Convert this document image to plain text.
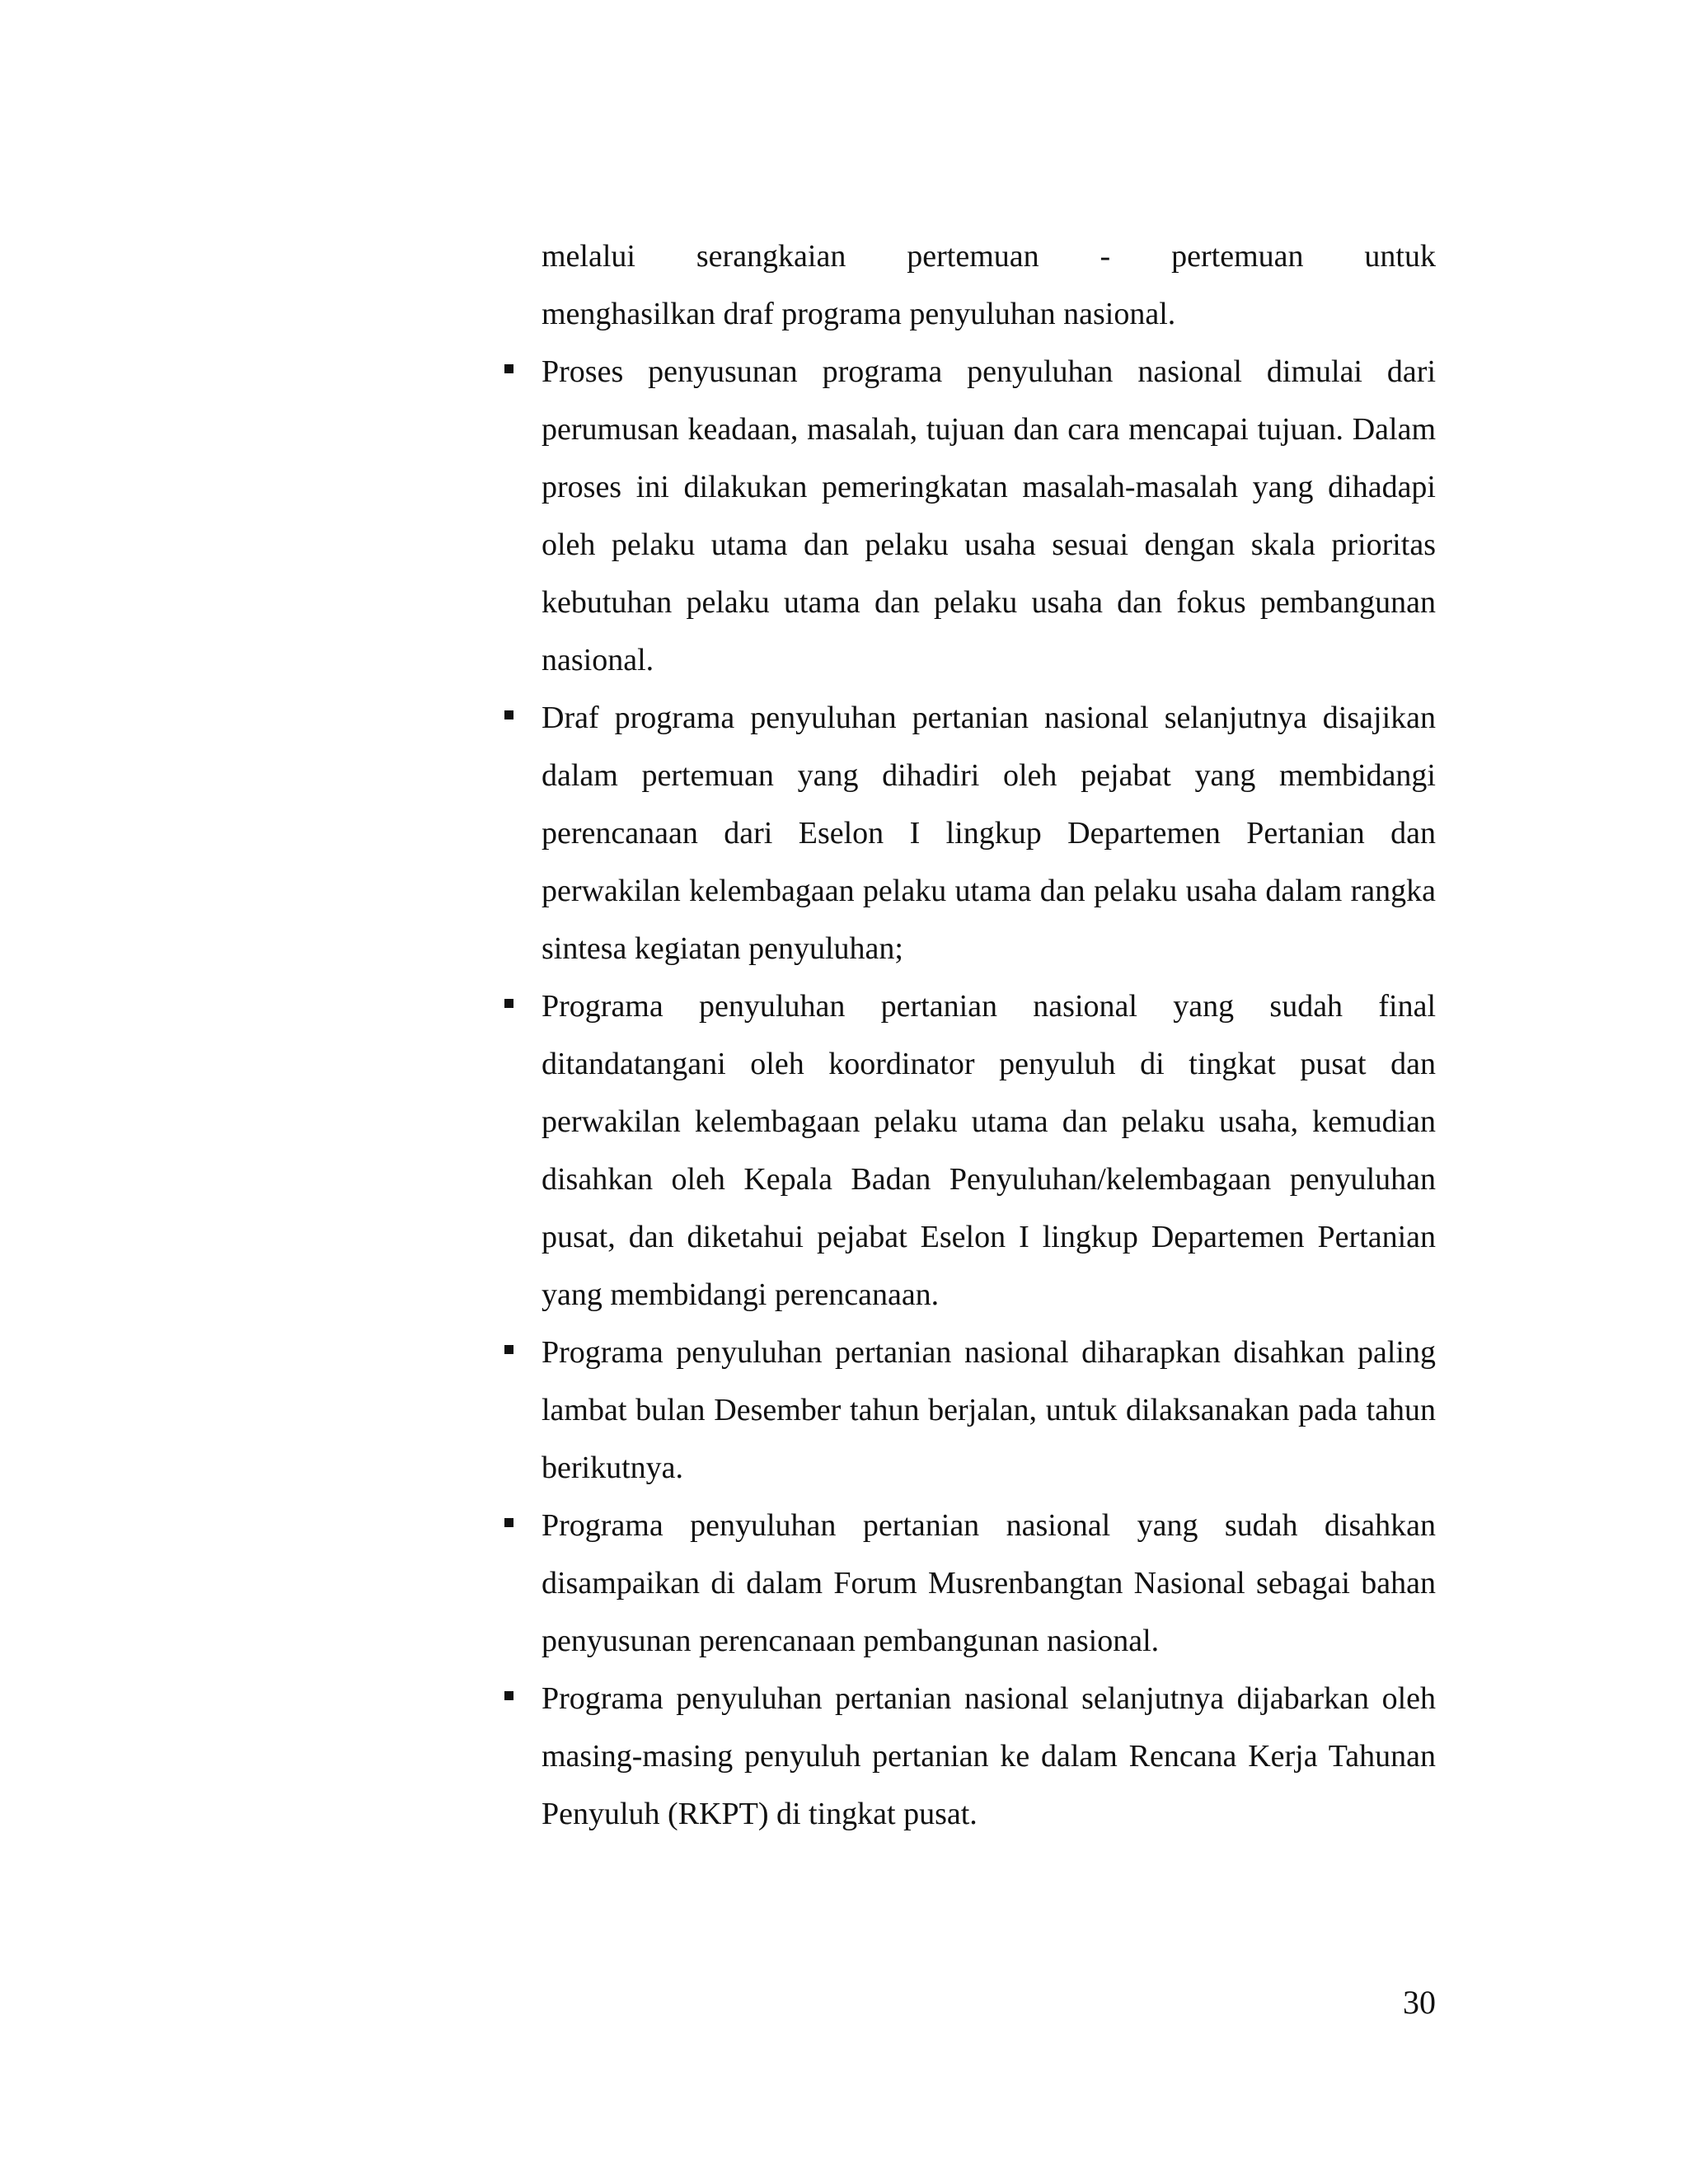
melalui serangkaian pertemuan - pertemuan untuk
menghasilkan draf programa penyuluhan nasional.
Proses penyusunan programa penyuluhan nasional dimulai dari perumusan keadaan, masalah, tujuan dan cara mencapai tujuan. Dalam proses ini dilakukan pemeringkatan masalah-masalah yang dihadapi oleh pelaku utama dan pelaku usaha sesuai dengan skala prioritas kebutuhan pelaku utama dan pelaku usaha dan fokus pembangunan nasional.
Draf programa penyuluhan pertanian nasional selanjutnya disajikan dalam pertemuan yang dihadiri oleh pejabat yang membidangi perencanaan dari Eselon I lingkup Departemen Pertanian dan perwakilan kelembagaan pelaku utama dan pelaku usaha dalam rangka sintesa kegiatan penyuluhan;
Programa penyuluhan pertanian nasional yang sudah final ditandatangani oleh koordinator penyuluh di tingkat pusat dan perwakilan kelembagaan pelaku utama dan pelaku usaha, kemudian disahkan oleh Kepala Badan Penyuluhan/kelembagaan penyuluhan pusat, dan diketahui pejabat Eselon I lingkup Departemen Pertanian yang membidangi perencanaan.
Programa penyuluhan pertanian nasional diharapkan disahkan paling lambat bulan Desember tahun berjalan, untuk dilaksanakan pada tahun berikutnya.
Programa penyuluhan pertanian nasional yang sudah disahkan disampaikan di dalam Forum Musrenbangtan Nasional sebagai bahan penyusunan perencanaan pembangunan nasional.
Programa penyuluhan pertanian nasional selanjutnya dijabarkan oleh masing-masing penyuluh pertanian ke dalam Rencana Kerja Tahunan Penyuluh (RKPT) di tingkat pusat.
30
